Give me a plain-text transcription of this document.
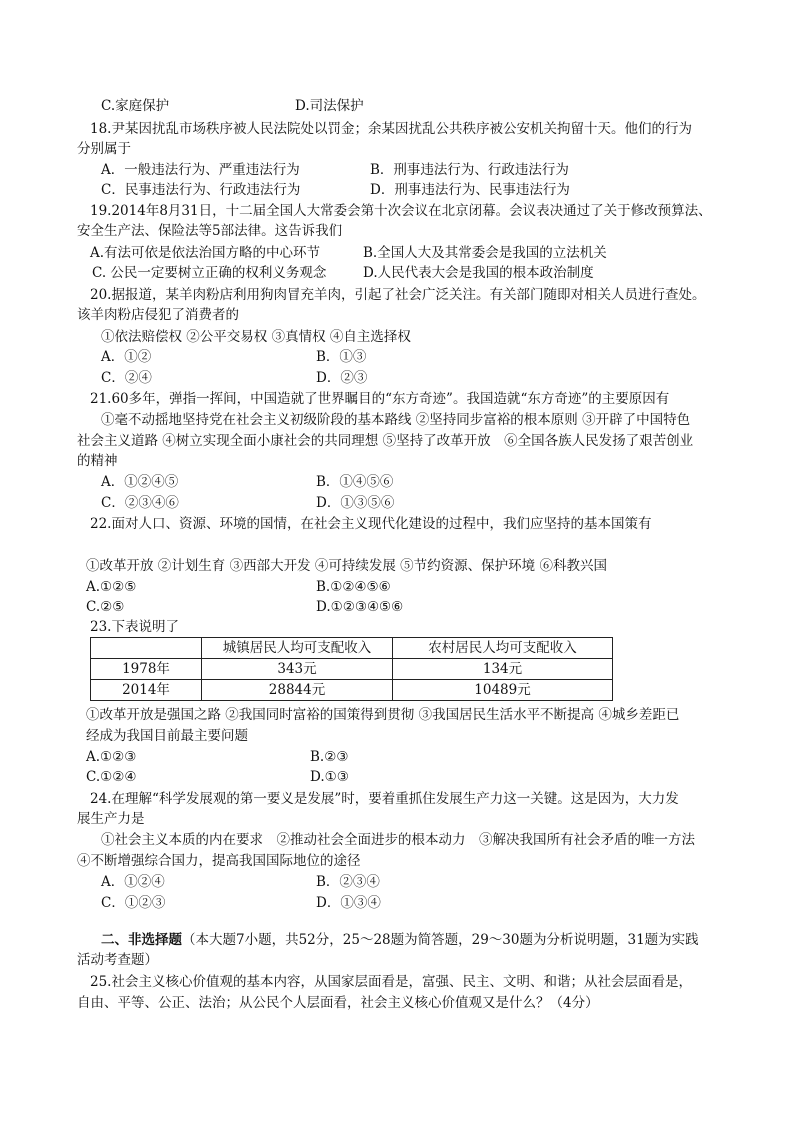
C.家庭保护	D.司法保护
18.尹某因扰乱市场秩序被人民法院处以罚金；余某因扰乱公共秩序被公安机关拘留十天。他们的行为
分别属于
A．一般违法行为、严重违法行为	B．刑事违法行为、行政违法行为
C．民事违法行为、行政违法行为	D．刑事违法行为、民事违法行为
19.2014年8月31日，十二届全国人大常委会第十次会议在北京闭幕。会议表决通过了关于修改预算法、
安全生产法、保险法等5部法律。这告诉我们
A.有法可依是依法治国方略的中心环节	B.全国人大及其常委会是我国的立法机关
C. 公民一定要树立正确的权利义务观念	D.人民代表大会是我国的根本政治制度
20.据报道，某羊肉粉店利用狗肉冒充羊肉，引起了社会广泛关注。有关部门随即对相关人员进行查处。
该羊肉粉店侵犯了消费者的
①依法赔偿权 ②公平交易权 ③真情权 ④自主选择权
A．①②	B．①③
C．②④	D．②③
21.60多年，弹指一挥间，中国造就了世界瞩目的“东方奇迹”。我国造就“东方奇迹”的主要原因有
①毫不动摇地坚持党在社会主义初级阶段的基本路线 ②坚持同步富裕的根本原则 ③开辟了中国特色
社会主义道路 ④树立实现全面小康社会的共同理想 ⑤坚持了改革开放　⑥全国各族人民发扬了艰苦创业
的精神
A．①②④⑤	B．①④⑤⑥
C．②③④⑥	D．①③⑤⑥
22.面对人口、资源、环境的国情，在社会主义现代化建设的过程中，我们应坚持的基本国策有
①改革开放 ②计划生育 ③西部大开发 ④可持续发展 ⑤节约资源、保护环境 ⑥科教兴国
A.①②⑤	B.①②④⑤⑥
C.②⑤	D.①②③④⑤⑥
23.下表说明了
	城镇居民人均可支配收入	农村居民人均可支配收入
1978年	343元	134元
2014年	28844元	10489元
①改革开放是强国之路 ②我国同时富裕的国策得到贯彻 ③我国居民生活水平不断提高 ④城乡差距已
经成为我国目前最主要问题
A.①②③	B.②③
C.①②④	D.①③
24.在理解“科学发展观的第一要义是发展”时，要着重抓住发展生产力这一关键。这是因为，大力发
展生产力是
①社会主义本质的内在要求　②推动社会全面进步的根本动力　③解决我国所有社会矛盾的唯一方法
④不断增强综合国力，提高我国国际地位的途径
A．①②④	B．②③④
C．①②③	D．①③④
二、非选择题（本大题7小题，共52分，25～28题为简答题，29～30题为分析说明题，31题为实践
活动考查题）
25.社会主义核心价值观的基本内容，从国家层面看是，富强、民主、文明、和谐；从社会层面看是，
自由、平等、公正、法治；从公民个人层面看，社会主义核心价值观又是什么？（4分）
